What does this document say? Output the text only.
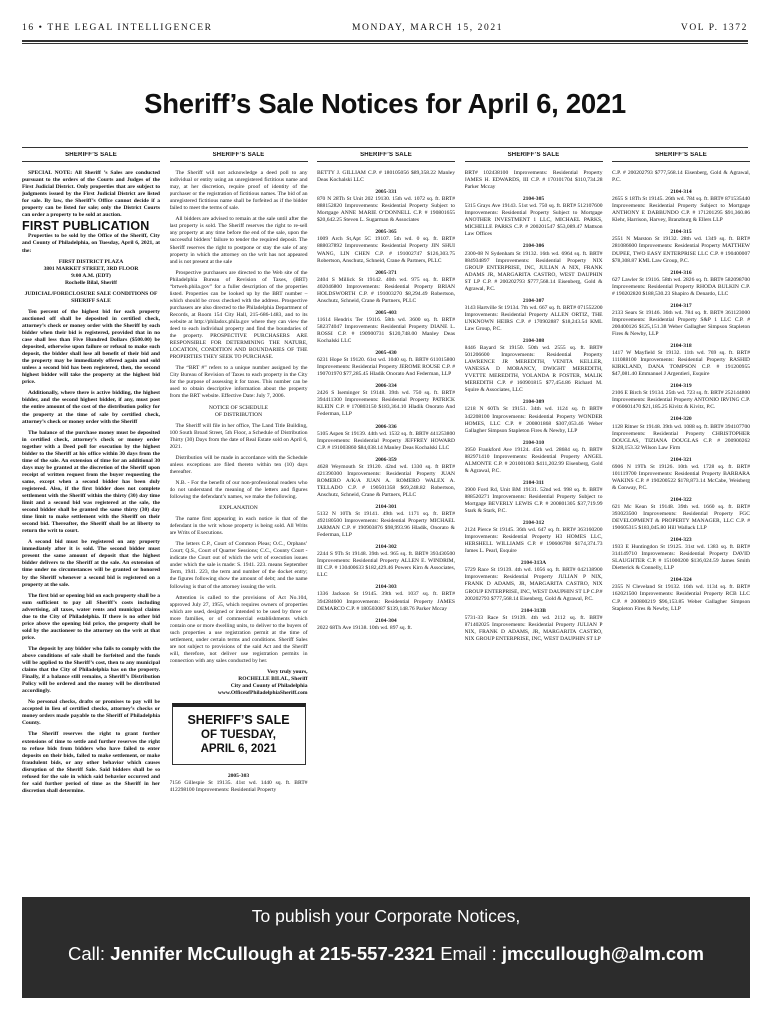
16 • THE LEGAL INTELLIGENCER	MONDAY, MARCH 15, 2021	VOL P. 1372
Sheriff’s Sale Notices for April 6, 2021
SHERIFF’S SALE

SPECIAL NOTE: All Sheriff ’s Sales are conducted pursuant to the orders of the Courts and Judges of the First Judicial District. Only properties that are subject to judgments issued by the First Judicial District are listed for sale. By law, the Sheriff’s Office cannot decide if a property can be listed for sale; only the District Courts can order a property to be sold at auction.

FIRST PUBLICATION

Properties to be sold by the Office of the Sheriff, City and County of Philadelphia, on Tuesday, April 6, 2021, at the:

FIRST DISTRICT PLAZA
3801 MARKET STREET, 3RD FLOOR
9:00 A.M. (EDT)
Rochelle Bilal, Sheriff

JUDICIAL/FORECLOSURE SALE CONDITIONS OF SHERIFF SALE

Ten percent of the highest bid for each property auctioned off shall be deposited in certified check, attorney’s check or money order with the Sheriff by each bidder when their bid is registered, provided that in no case shall less than Five Hundred Dollars ($500.00) be deposited, otherwise upon failure or refusal to make such deposit, the bidder shall lose all benefit of their bid and the property may be immediately offered again and sold unless a second bid has been registered, then, the second highest bidder will take the property at the highest bid price.

Additionally, where there is active bidding, the highest bidder, and the second highest bidder, if any, must post the entire amount of the cost of the distribution policy for the property at the time of sale by certified check, attorney’s check or money order with the Sheriff

The balance of the purchase money must be deposited in certified check, attorney’s check or money order together with a Deed poll for execution by the highest bidder to the Sheriff at his office within 30 days from the time of the sale. An extension of time for an additional 30 days may be granted at the discretion of the Sheriff upon receipt of written request from the buyer requesting the same, except when a second bidder has been duly registered. Also, if the first bidder does not complete settlement with the Sheriff within the thirty (30) day time limit and a second bid was registered at the sale, the second bidder shall be granted the same thirty (30) day time limit to make settlement with the Sheriff on their second bid. Thereafter, the Sheriff shall be at liberty to return the writ to court.

A second bid must be registered on any property immediately after it is sold. The second bidder must present the same amount of deposit that the highest bidder delivers to the Sheriff at the sale. An extension of time under no circumstances will be granted or honored by the Sheriff whenever a second bid is registered on a property at the sale.

The first bid or opening bid on each property shall be a sum sufficient to pay all Sheriff’s costs including advertising, all taxes, water rents and municipal claims due to the City of Philadelphia. If there is no other bid price above the opening bid price, the property shall be sold by the auctioneer to the attorney on the writ at that price.

The deposit by any bidder who fails to comply with the above conditions of sale shall be forfeited and the funds will be applied to the Sheriff’s cost, then to any municipal claims that the City of Philadelphia has on the property. Finally, if a balance still remains, a Sheriff’s Distribution Policy will be ordered and the money will be distributed accordingly.

No personal checks, drafts or promises to pay will be accepted in lieu of certified checks, attorney’s checks or money orders made payable to the Sheriff of Philadelphia County.

The Sheriff reserves the right to grant further extensions of time to settle and further reserves the right to refuse bids from bidders who have failed to enter deposits on their bids, failed to make settlement, or make fraudulent bids, or any other behavior which causes disruption of the Sheriff Sale. Said bidders shall be so refused for the sale in which said behavior occurred and for said further period of time as the Sheriff in her discretion shall determine.

SHERIFF’S SALE

The Sheriff will not acknowledge a deed poll to any individual or entity using an unregistered fictitious name and may, at her discretion, require proof of identity of the purchaser or the registration of fictitious names. The bid of an unregistered fictitious name shall be forfeited as if the bidder failed to meet the terms of sale.

All bidders are advised to remain at the sale until after the last property is sold. The Sheriff reserves the right to re-sell any property at any time before the end of the sale, upon the successful bidders’ failure to tender the required deposit. The Sheriff reserves the right to postpone or stay the sale of any property in which the attorney on the writ has not appeared and is not present at the sale

Prospective purchasers are directed to the Web site of the Philadelphia Bureau of Revision of Taxes, (BRT) “brtweb.phila.gov” for a fuller description of the properties listed. Properties can be looked up by the BRT number – which should be cross checked with the address. Prospective purchasers are also directed to the Philadelphia Department of Records, at Room 154 City Hall, 215-686-1483, and to its website at http://philadox.phila.gov where they can view the deed to each individual property and find the boundaries of the property. PROSPECTIVE PURCHASERS ARE RESPONSIBLE FOR DETERMINING THE NATURE, LOCATION, CONDITION AND BOUNDARIES OF THE PROPERTIES THEY SEEK TO PURCHASE.

The “BRT #” refers to a unique number assigned by the City Bureau of Revision of Taxes to each property in the City for the purpose of assessing it for taxes. This number can be used to obtain descriptive information about the property from the BRT website. Effective Date: July 7, 2006.

NOTICE OF SCHEDULE
OF DISTRIBUTION

The Sheriff will file in her office, The Land Title Building, 100 South Broad Street, 5th Floor, a Schedule of Distribution Thirty (30) Days from the date of Real Estate sold on April 6, 2021.

Distribution will be made in accordance with the Schedule unless exceptions are filed thereto within ten (10) days thereafter.

N.B. - For the benefit of our non-professional readers who do not understand the meaning of the letters and figures following the defendant’s names, we make the following.

EXPLANATION

The name first appearing in each notice is that of the defendant in the writ whose property is being sold. All Writs are Writs of Executions.

The letters C.P., Court of Common Pleas; O.C., Orphans’ Court; Q.S., Court of Quarter Sessions; C.C., County Court - indicate the Court out of which the writ of execution issues under which the sale is made: S. 1941. 223. means September Term, 1941. 223, the term and number of the docket entry; the figures following show the amount of debt; and the name following is that of the attorney issuing the writ.

Attention is called to the provisions of Act No.104, approved July 27, 1955, which requires owners of properties which are used, designed or intended to be used by three or more families, or of commercial establishments which contain one or more dwelling units, to deliver to the buyers of such properties a use registration permit at the time of settlement, under certain terms and conditions. Sheriff Sales are not subject to provisions of the said Act and the Sheriff will, therefore, not deliver use registration permits in connection with any sales conducted by her.

Very truly yours,
ROCHELLE BILAL, Sheriff
City and County of Philadelphia
www.OfficeofPhiladelphiaSheriff.com

SHERIFF’S SALE
OF TUESDAY,
APRIL 6, 2021
2005-303
7156 Gillespie St 19135. 41st wd. 1440 sq. ft. BRT# 412298100 Improvements: Residential Property
SHERIFF’S SALE
BETTY J. GILLIAM C.P. # 180105056 $89,358.22 Manley Deas Kochalski LLC
2005-331
870 N 28Th St Unit 202 19130. 15th wd. 1072 sq. ft. BRT# 888152820 Improvements: Residential Property Subject to Mortgage ANNE MARIE O’DONNELL C.P. # 190801655 $20,642.25 Steven L. Sugarman & Associates
2005-365
1009 Arch St,Apt 5C 19107. 5th wd. 0 sq. ft. BRT# 888037892 Improvements: Residential Property JIN SHUI WANG, LIN CHEN C.P. # 191002747 $126,303.75 Robertson, Anschutz, Schneid, Crane & Partners, PLLC
2005-371
2404 S Millick St 19142. 40th wd. 975 sq. ft. BRT# 402046800 Improvements: Residential Property BRIAN HOLDSWORTH C.P. # 191003270 $8,294.49 Robertson, Anschutz, Schneid, Crane & Partners, PLLC
2005-403
11614 Hendrix Ter 19116. 58th wd. 3600 sq. ft. BRT# 582374047 Improvements: Residential Property DIANE L. ROSSI C.P. # 190900731 $120,748.00 Manley Deas Kochalski LLC
2005-430
6231 Hope St 19120. 61st wd. 1040 sq. ft. BRT# 611015800 Improvements: Residential Property JEROME ROUSE C.P. # 190701970 $77,285.45 Hladik Onorato And Federman, LLP
2006-334
2426 S Iseminger St 19148. 39th wd. 750 sq. ft. BRT# 394411300 Improvements: Residential Property PATRICK KLEIN C.P. # 170803150 $183,364.10 Hladik Onorato And Federman, LLP
2006-336
5105 Aspen St 19139. 44th wd. 1532 sq. ft. BRT# 441253800 Improvements: Residential Property JEFFREY HOWARD C.P. # 191003860 $84,038.14 Manley Deas Kochalski LLC
2006-359
4628 Weymouth St 19120. 42nd wd. 1330 sq. ft BRT# 421390300 Improvements: Residential Property JUAN ROMERO A/K/A JUAN A. ROMERO WALEX A. TELLADO C.P. # 190501358 $69,248.82 Robertson, Anschutz, Schneid, Crane & Partners, PLLC
2104-301
5132 N 10Th St 19141. 49th wd. 1171 sq. ft. BRT# 492180500 Improvements: Residential Property MICHAEL JARMAN C.P. # 190903876 $98,993.96 Hladik, Onorato & Federman, LLP
2104-302
2244 S 9Th St 19148. 39th wd. 965 sq. ft. BRT# 393430500 Improvements: Residential Property ALLEN E. WINDRIM, III C.P. # 130400633 $182,429.46 Powers Kirn & Associates, LLC
2104-303
1336 Jackson St 19145. 39th wd. 1037 sq. ft. BRT# 394284600 Improvements: Residential Property JAMES DEMARCO C.P. # 180503087 $139,148.76 Parker Mccay
2104-304
2022 68Th Ave 19138. 10th wd. 897 sq. ft.
SHERIFF’S SALE
BRT# 102438100 Improvements: Residential Property JAMES H. EDWARDS, III C.P. # 170101704 $110,734.28 Parker Mccay
2104-305
5315 Grays Ave 19143. 51st wd. 750 sq. ft. BRT# 512107600 Improvements: Residential Property Subject to Mortgage ANOTHER INVESTMENT 1 LLC, MICHAEL PARKS, MICHELLE PARKS C.P. # 200201547 $53,089.47 Mattson Law Offices
2104-306
2300-08 N Sydenham St 19132. 16th wd. 6964 sq. ft. BRT# 884934897 Improvements: Residential Property NIX GROUP ENTERPRISE, INC, JULIAN A NIX, FRANK ADAMS JR, MARGARITA CASTRO, WEST DAUPHIN ST LP C.P. # 200202793 $777,568.14 Eisenberg, Gold & Agrawal, P.C.
2104-307
3143 Hartville St 19134. 7th wd. 667 sq. ft. BRT# 071552200 Improvements: Residential Property ALLEN ORTIZ, THE UNKNOWN HEIRS C.P. # 170902887 $18,243.54 KML Law Group, P.C.
2104-308
8446 Bayard St 19150. 50th wd. 2555 sq. ft. BRT# 501206600 Improvements: Residential Property LAWRENCE JR MEREDITH, VENITA KELLER, VANESSA D MORANCY, DWIGHT MEREDITH, YVETTE MEREDITH, YOLANDA R FOSTER, MALIK MEREDITH C.P. # 160901815 $77,454.86 Richard M. Squire & Associates, LLC
2104-309
1218 N 60Th St 19151. 34th wd. 1124 sq. ft BRT# 342208100 Improvements: Residential Property WONDER HOMES, LLC C.P. # 200801868 $307,053.46 Weber Gallagher Simpson Stapleton Fires & Newby, LLP
2104-310
3950 Frankford Ave 19124. 45th wd. 28684 sq. ft. BRT# 882971410 Improvements: Residential Property ANGEL ALMONTE C.P. # 201001083 $411,202.99 Eisenberg, Gold & Agrawal, P.C.
2104-311
3900 Ford Rd, Unit BM 19131. 52nd wd. 998 sq. ft. BRT# 888520271 Improvements: Residential Property Subject to Mortgage BEVERLY LEWIS C.P. # 200801305 $37,719.99 Stark & Stark, P.C.
2104-312
2124 Pierce St 19145. 36th wd. 647 sq. ft. BRT# 363160200 Improvements: Residential Property H3 HOMES LLC, HERSHELL WILLIAMS C.P. # 190606708 $174,374.73 James L. Pearl, Esquire
2104-313A
5729 Race St 19139. 4th wd. 1056 sq. ft. BRT# 042138900 Improvements: Residential Property JULIAN P NIX, FRANK D ADAMS, JR, MARGARITA CASTRO, NIX GROUP ENTERPRISE, INC, WEST DAUPHIN ST LP C.P.# 200202793 $777,568.14 Eisenberg, Gold & Agrawal, P.C.
2104-313B
5731-33 Race St 19139. 4th wd. 2112 sq. ft. BRT# 871402025 Improvements: Residential Property JULIAN P NIX, FRANK D ADAMS, JR, MARGARITA CASTRO, NIX GROUP ENTERPRISE, INC, WEST DAUPHIN ST LP
SHERIFF’S SALE
C.P. # 200202793 $777,568.14 Eisenberg, Gold & Agrawal, P.C.
2104-314
2655 S 18Th St 19145. 26th wd. 784 sq. ft. BRT# 871535440 Improvements: Residential Property Subject to Mortgage ANTHONY E DABBUNDO C.P. # 171201295 $91,360.86 Klehr, Harrison, Harvey, Branzburg & Ellers LLP
2104-315
2551 N Marston St 19132. 28th wd. 1349 sq. ft. BRT# 281086600 Improvements: Residential Property MATTHEW DUPEE, TWO EASY ENTERPRISE LLC C.P. # 190400007 $78,308.87 KML Law Group, P.C.
2104-316
627 Lawler St 19116. 58th wd. 2826 sq. ft. BRT# 582098700 Improvements: Residential Property RHODA BULKIN C.P. # 190202820 $188,530.23 Shapiro & Denardo, LLC
2104-317
2133 Sears St 19146. 36th wd. 784 sq. ft. BRT# 361123000 Improvements: Residential Property S&P 1 LLC C.P. # 200400126 $125,151.38 Weber Gallagher Simpson Stapleton Fires & Newby, LLP
2104-318
1417 W Mayfield St 19132. 11th wd. 769 sq. ft. BRT# 111088100 Improvements: Residential Property RASHID KIRKLAND, DANA TOMPSON C.P. # 191200955 $47,081.40 Emmanuel J Argentieri, Esquire
2104-319
2106 E Birch St 19134. 25th wd. 723 sq. ft. BRT# 252144800 Improvements: Residential Property ANTONIO IRVING C.P. # 060601470 $21,185.25 Kivitz & Kivitz, P.C.
2104-320
1128 Ritner St 19148. 39th wd. 1088 sq. ft. BRT# 394107700 Improvements: Residential Property CHRISTOPHER DOUGLAS, TIZIANA DOUGLAS C.P. # 200900262 $128,153.32 Wilson Law Firm
2104-321
6906 N 19Th St 19126. 10th wd. 1728 sq. ft. BRT# 101119700 Improvements: Residential Property BARBARA WAKINS C.P. # 190200522 $178,873.14 McCabe, Weisberg & Conway, P.C.
2104-322
621 Mc Kean St 19148. 39th wd. 1660 sq. ft. BRT# 393023500 Improvements: Residential Property FGC DEVELOPMENT & PROPERTY MANAGER, LLC C.P. # 190605315 $183,045.80 Hill Wallack LLP
2104-323
1933 E Huntingdon St 19125. 31st wd. 1383 sq. ft. BRT# 314149710 Improvements: Residential Property DAVID SLAUGHTER C.P. # 151000200 $136,024.59 James Smith Dietterick & Connelly, LLP
2104-324
2355 N Cleveland St 19132. 16th wd. 1134 sq. ft. BRT# 162021500 Improvements: Residential Property RCB LLC C.P. # 200800219 $96,153.85 Weber Gallagher Simpson Stapleton Fires & Newby, LLP
To publish your Corporate Notices,
Call: Jennifer McCullough at 215-557-2321 Email : jmccullough@alm.com
